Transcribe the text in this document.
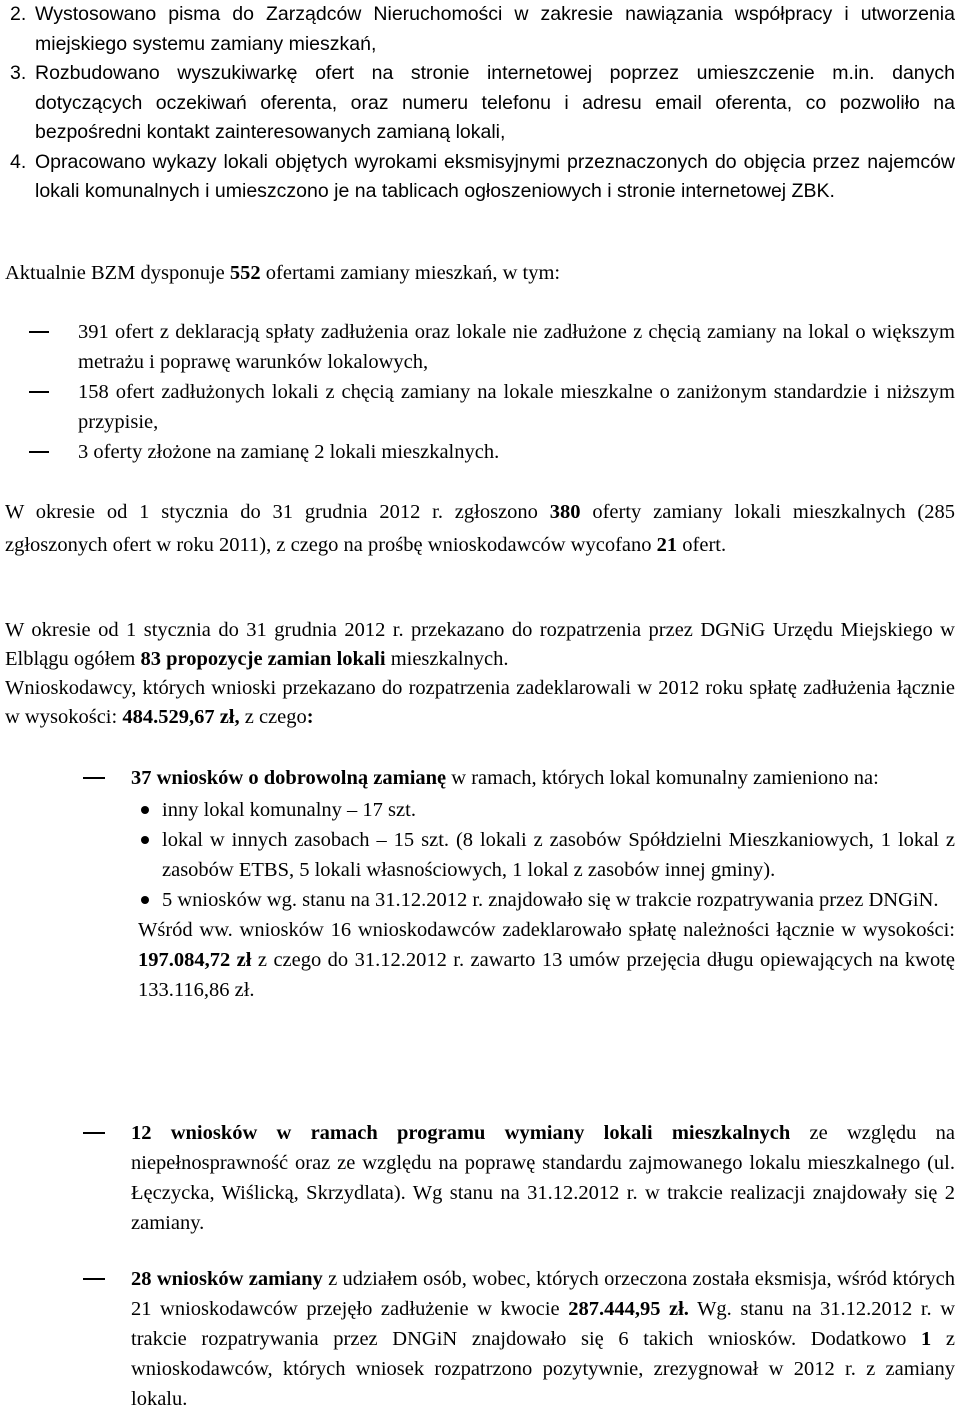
2. Wystosowano pisma do Zarządców Nieruchomości w zakresie nawiązania współpracy i utworzenia miejskiego systemu zamiany mieszkań,
3. Rozbudowano wyszukiwarkę ofert na stronie internetowej poprzez umieszczenie m.in. danych dotyczących oczekiwań oferenta, oraz numeru telefonu i adresu email oferenta, co pozwoliło na bezpośredni kontakt zainteresowanych zamianą lokali,
4. Opracowano wykazy lokali objętych wyrokami eksmisyjnymi przeznaczonych do objęcia przez najemców lokali komunalnych i umieszczono je na tablicach ogłoszeniowych i stronie internetowej ZBK.
Aktualnie BZM dysponuje 552 ofertami zamiany mieszkań, w tym:
391 ofert z deklaracją spłaty zadłużenia oraz lokale nie zadłużone z chęcią zamiany na lokal o większym metrażu i poprawę warunków lokalowych,
158 ofert zadłużonych lokali z chęcią zamiany na lokale mieszkalne o zaniżonym standardzie i niższym przypisie,
3 oferty złożone na zamianę 2 lokali mieszkalnych.
W okresie od 1 stycznia do 31 grudnia 2012 r. zgłoszono 380 oferty zamiany lokali mieszkalnych (285 zgłoszonych ofert w roku 2011), z czego na prośbę wnioskodawców wycofano 21 ofert.
W okresie od 1 stycznia do 31 grudnia 2012 r. przekazano do rozpatrzenia przez DGNiG Urzędu Miejskiego w Elblągu ogółem 83 propozycje zamian lokali mieszkalnych.
Wnioskodawcy, których wnioski przekazano do rozpatrzenia zadeklarowali w 2012 roku spłatę zadłużenia łącznie w wysokości: 484.529,67 zł, z czego:
37 wniosków o dobrowolną zamianę w ramach, których lokal komunalny zamieniono na:
inny lokal komunalny – 17 szt.
lokal w innych zasobach – 15 szt. (8 lokali z zasobów Spółdzielni Mieszkaniowych, 1 lokal z zasobów ETBS, 5 lokali własnościowych, 1 lokal z zasobów innej gminy).
5 wniosków wg. stanu na 31.12.2012 r. znajdowało się w trakcie rozpatrywania przez DNGiN.
Wśród ww. wniosków 16 wnioskodawców zadeklarowało spłatę należności łącznie w wysokości: 197.084,72 zł z czego do 31.12.2012 r. zawarto 13 umów przejęcia długu opiewających na kwotę 133.116,86 zł.
12 wniosków w ramach programu wymiany lokali mieszkalnych ze względu na niepełnosprawność oraz ze względu na poprawę standardu zajmowanego lokalu mieszkalnego (ul. Łęczycka, Wiślicką, Skrzydlata). Wg stanu na 31.12.2012 r. w trakcie realizacji znajdowały się 2 zamiany.
28 wniosków zamiany z udziałem osób, wobec, których orzeczona została eksmisja, wśród których 21 wnioskodawców przejęło zadłużenie w kwocie 287.444,95 zł. Wg. stanu na 31.12.2012 r. w trakcie rozpatrywania przez DNGiN znajdowało się 6 takich wniosków. Dodatkowo 1 z wnioskodawców, których wniosek rozpatrzono pozytywnie, zrezygnował w 2012 r. z zamiany lokalu.
